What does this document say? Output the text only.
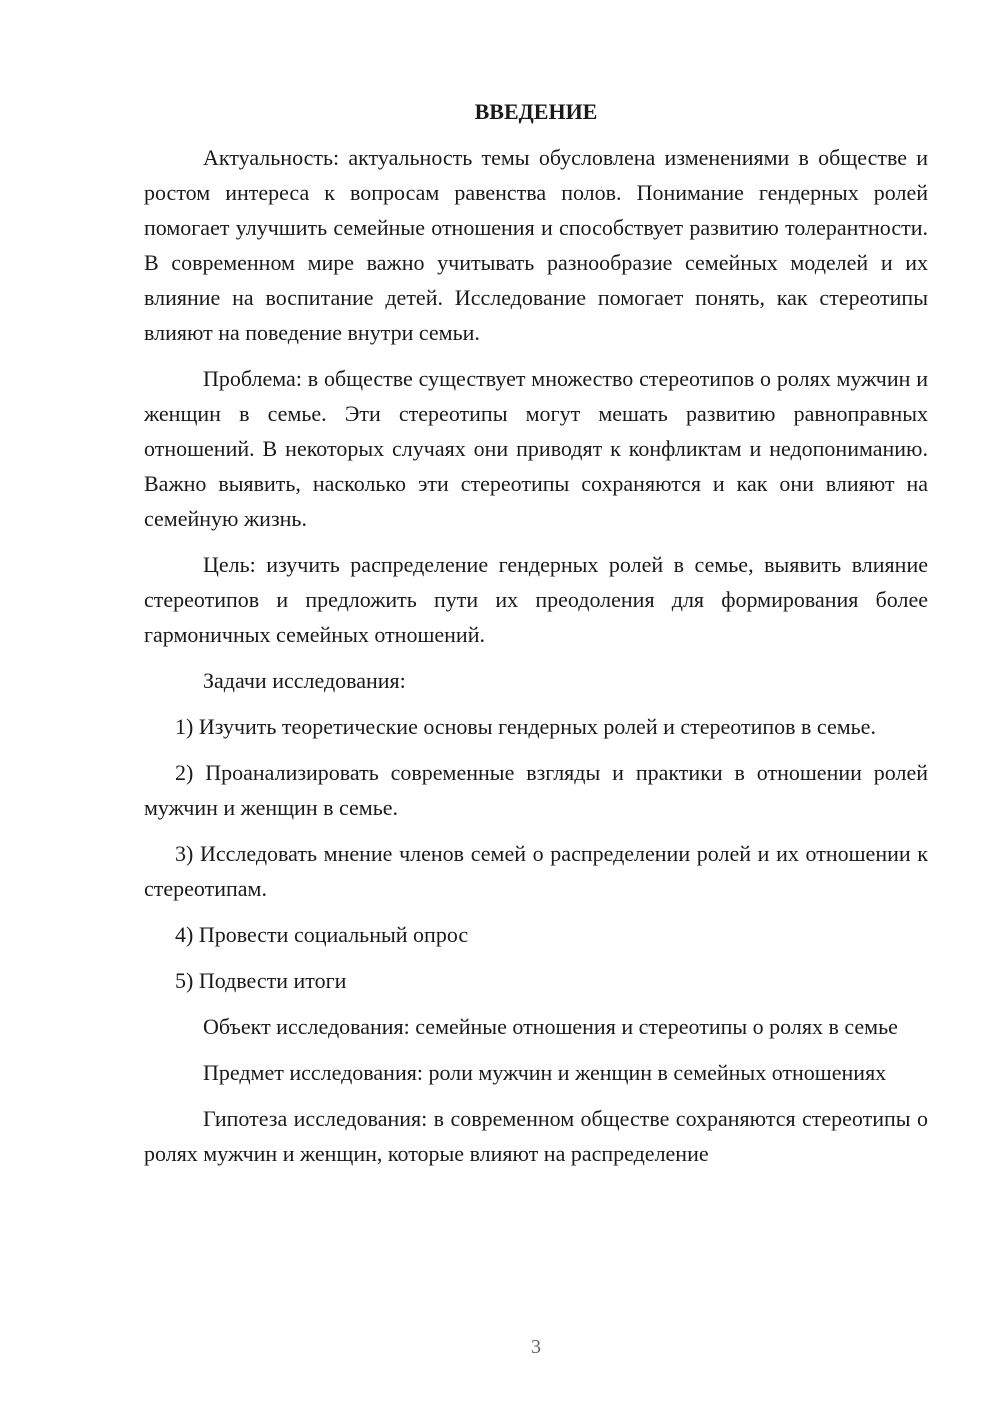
ВВЕДЕНИЕ

Актуальность: актуальность темы обусловлена изменениями в обществе и ростом интереса к вопросам равенства полов. Понимание гендерных ролей помогает улучшить семейные отношения и способствует развитию толерантности. В современном мире важно учитывать разнообразие семейных моделей и их влияние на воспитание детей. Исследование помогает понять, как стереотипы влияют на поведение внутри семьи.

Проблема: в обществе существует множество стереотипов о ролях мужчин и женщин в семье. Эти стереотипы могут мешать развитию равноправных отношений. В некоторых случаях они приводят к конфликтам и недопониманию. Важно выявить, насколько эти стереотипы сохраняются и как они влияют на семейную жизнь.

Цель: изучить распределение гендерных ролей в семье, выявить влияние стереотипов и предложить пути их преодоления для формирования более гармоничных семейных отношений.

Задачи исследования:

1) Изучить теоретические основы гендерных ролей и стереотипов в семье.

2) Проанализировать современные взгляды и практики в отношении ролей мужчин и женщин в семье.

3) Исследовать мнение членов семей о распределении ролей и их отношении к стереотипам.

4) Провести социальный опрос

5) Подвести итоги

Объект исследования: семейные отношения и стереотипы о ролях в семье

Предмет исследования: роли мужчин и женщин в семейных отношениях

Гипотеза исследования: в современном обществе сохраняются стереотипы о ролях мужчин и женщин, которые влияют на распределение

3
